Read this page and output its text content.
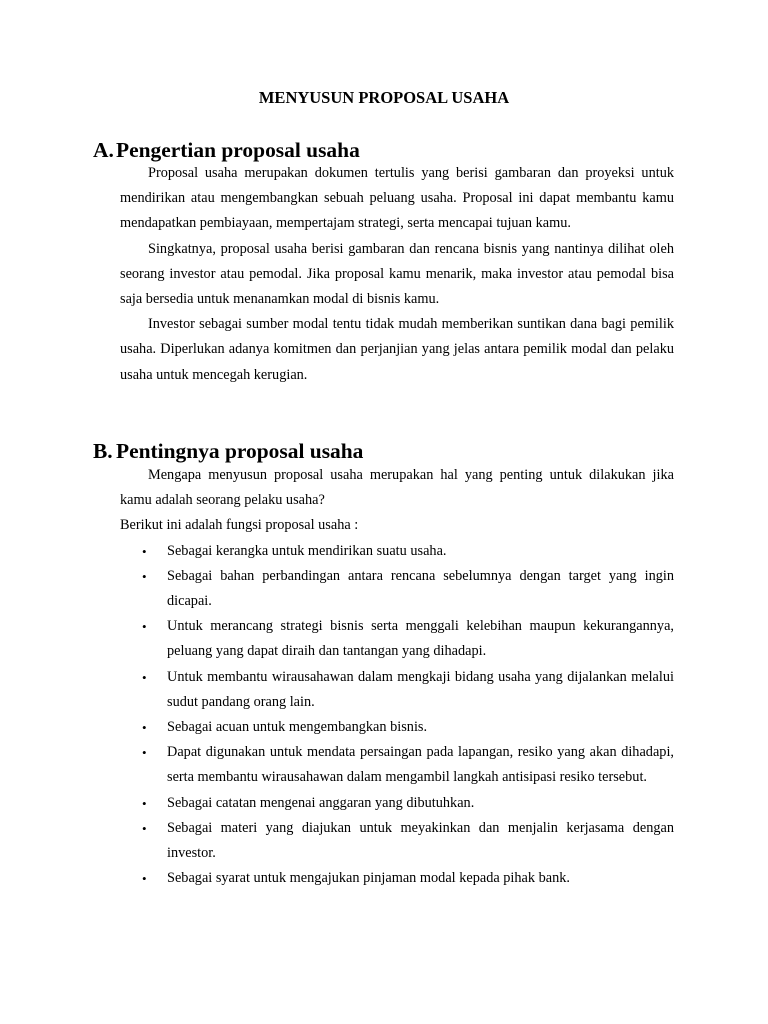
MENYUSUN PROPOSAL USAHA
A. Pengertian proposal usaha

Proposal usaha merupakan dokumen tertulis yang berisi gambaran dan proyeksi untuk mendirikan atau mengembangkan sebuah peluang usaha. Proposal ini dapat membantu kamu mendapatkan pembiayaan, mempertajam strategi, serta mencapai tujuan kamu.

Singkatnya, proposal usaha berisi gambaran dan rencana bisnis yang nantinya dilihat oleh seorang investor atau pemodal. Jika proposal kamu menarik, maka investor atau pemodal bisa saja bersedia untuk menanamkan modal di bisnis kamu.

Investor sebagai sumber modal tentu tidak mudah memberikan suntikan dana bagi pemilik usaha. Diperlukan adanya komitmen dan perjanjian yang jelas antara pemilik modal dan pelaku usaha untuk mencegah kerugian.

B. Pentingnya proposal usaha

Mengapa menyusun proposal usaha merupakan hal yang penting untuk dilakukan jika kamu adalah seorang pelaku usaha?

Berikut ini adalah fungsi proposal usaha :

• Sebagai kerangka untuk mendirikan suatu usaha.
• Sebagai bahan perbandingan antara rencana sebelumnya dengan target yang ingin dicapai.
• Untuk merancang strategi bisnis serta menggali kelebihan maupun kekurangannya, peluang yang dapat diraih dan tantangan yang dihadapi.
• Untuk membantu wirausahawan dalam mengkaji bidang usaha yang dijalankan melalui sudut pandang orang lain.
• Sebagai acuan untuk mengembangkan bisnis.
• Dapat digunakan untuk mendata persaingan pada lapangan, resiko yang akan dihadapi, serta membantu wirausahawan dalam mengambil langkah antisipasi resiko tersebut.
• Sebagai catatan mengenai anggaran yang dibutuhkan.
• Sebagai materi yang diajukan untuk meyakinkan dan menjalin kerjasama dengan investor.
• Sebagai syarat untuk mengajukan pinjaman modal kepada pihak bank.
